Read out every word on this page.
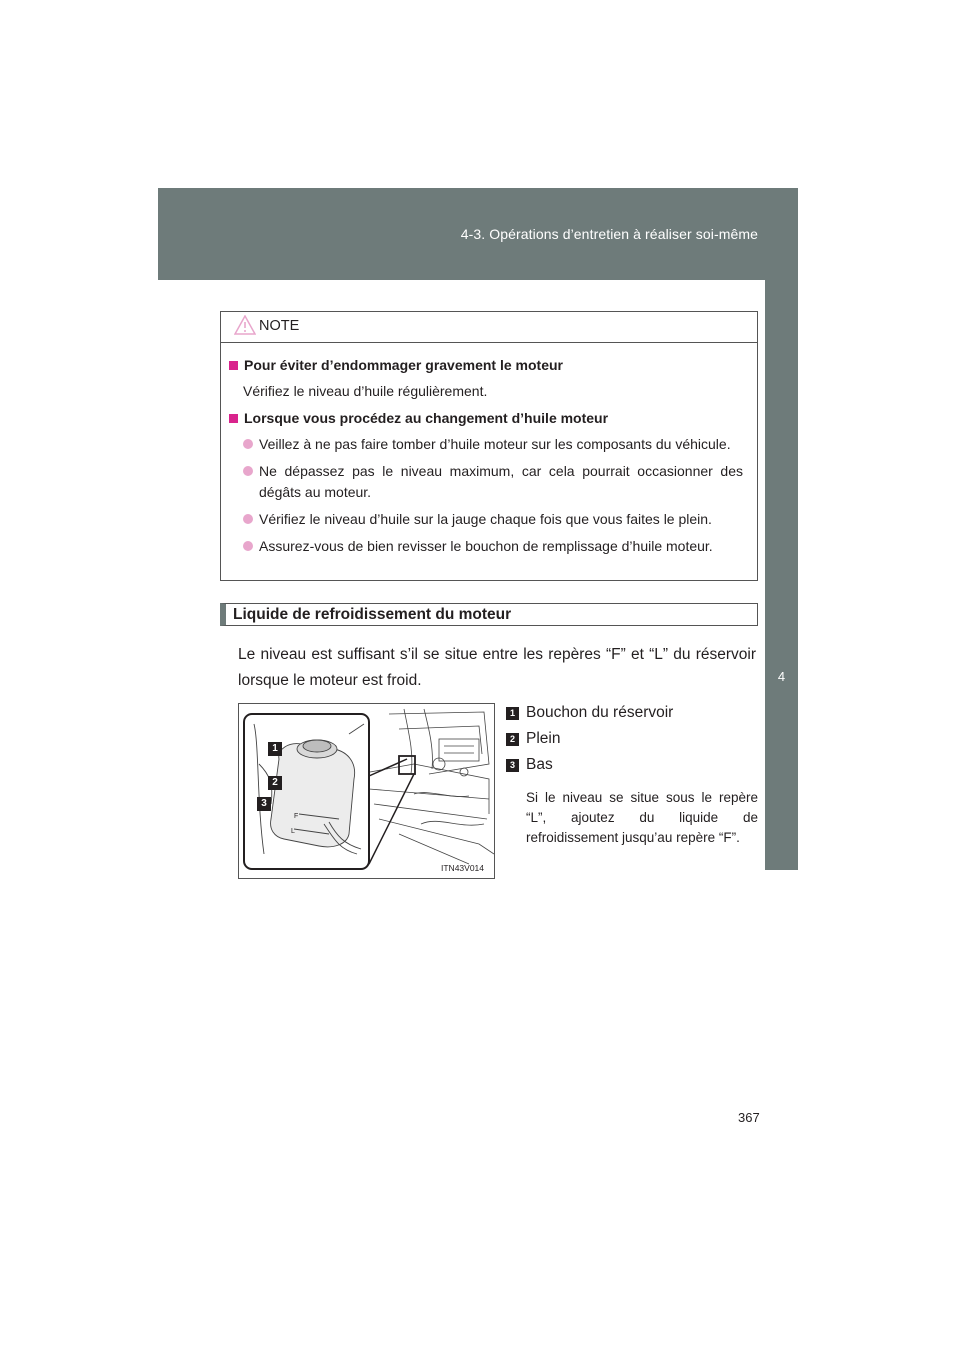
4-3. Opérations d’entretien à réaliser soi-même
4
Entretien et nettoyage
NOTE
Pour éviter d’endommager gravement le moteur
Vérifiez le niveau d’huile régulièrement.
Lorsque vous procédez au changement d’huile moteur
Veillez à ne pas faire tomber d’huile moteur sur les composants du véhicule.
Ne dépassez pas le niveau maximum, car cela pourrait occasionner des dégâts au moteur.
Vérifiez le niveau d’huile sur la jauge chaque fois que vous faites le plein.
Assurez-vous de bien revisser le bouchon de remplissage d’huile moteur.
Liquide de refroidissement du moteur
Le niveau est suffisant s’il se situe entre les repères “F” et “L” du réservoir lorsque le moteur est froid.
F
L
1
2
3
ITN43V014
1 Bouchon du réservoir
2 Plein
3 Bas
Si le niveau se situe sous le repère “L”, ajoutez du liquide de refroidissement jusqu’au repère “F”.
367
